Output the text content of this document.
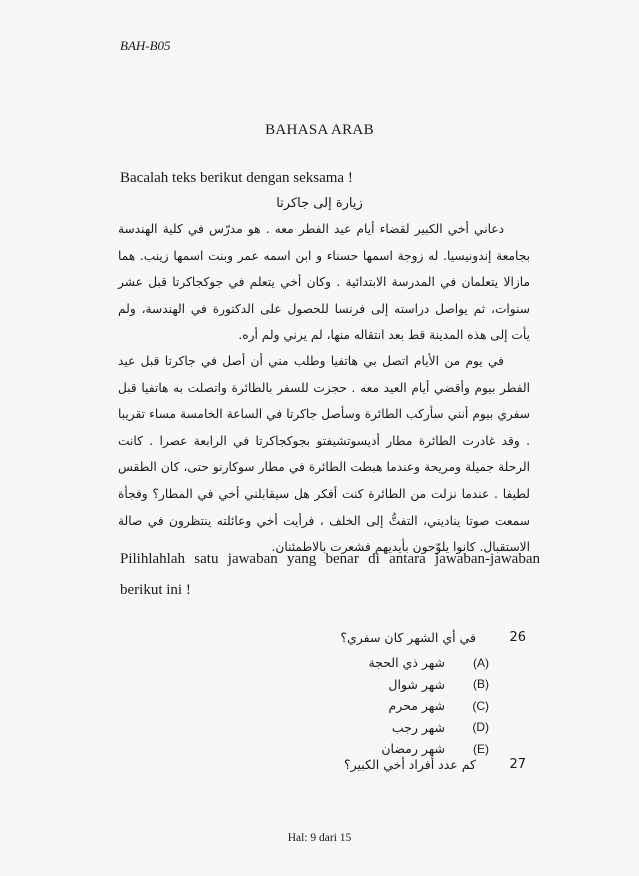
BAH-B05
BAHASA ARAB
Bacalah teks berikut dengan seksama !
زيارة إلى جاكرتا

دعاني أخي الكبير لقضاء أيام عيد الفطر معه . هو مدرّس في كلية الهندسة بجامعة إندونيسيا. له زوجة اسمها حسناء و ابن اسمه عمر وبنت اسمها زينب. هما مازالا يتعلمان في المدرسة الابتدائية . وكان أخي يتعلم في جوكجاكرتا قبل عشر سنوات، ثم يواصل دراسته إلى فرنسا للحصول على الدكتورة في الهندسة، ولم يأت إلى هذه المدينة قط بعد انتقاله منها، لم يرني ولم أره.

في يوم من الأيام اتصل بي هاتفيا وطلب مني أن أصل في جاكرتا قبل عيد الفطر بيوم وأقضي أيام العيد معه . حجزت للسفر بالطائرة واتصلت به هاتفيا قبل سفري بيوم أنني سأركب الطائرة وسأصل جاكرتا في الساعة الخامسة مساء تقريبا . وقد غادرت الطائرة مطار أديسوتشيفتو بجوكجاكرتا في الرابعة عصرا . كانت الرحلة جميلة ومريحة وعندما هبطت الطائرة في مطار سوكارنو حتى، كان الطقس لطيفا . عندما نزلت من الطائرة كنت أفكر هل سيقابلني أخي في المطار؟ وفجأة سمعت صوتا يناديني، التفتُّ إلى الخلف ، فرأيت أخي وعائلته ينتظرون في صالة الاستقبال. كانوا يلوّحون بأيديهم فشعرت بالاطمئنان.

Pilihlahlah satu jawaban yang benar di antara jawaban-jawaban berikut ini !
26
في أي الشهر كان سفري؟
(A)
شهر ذي الحجة
(B)
شهر شوال
(C)
شهر محرم
(D)
شهر رجب
(E)
شهر رمضان
27
كم عدد أفراد أخي الكبير؟
Hal: 9 dari 15
